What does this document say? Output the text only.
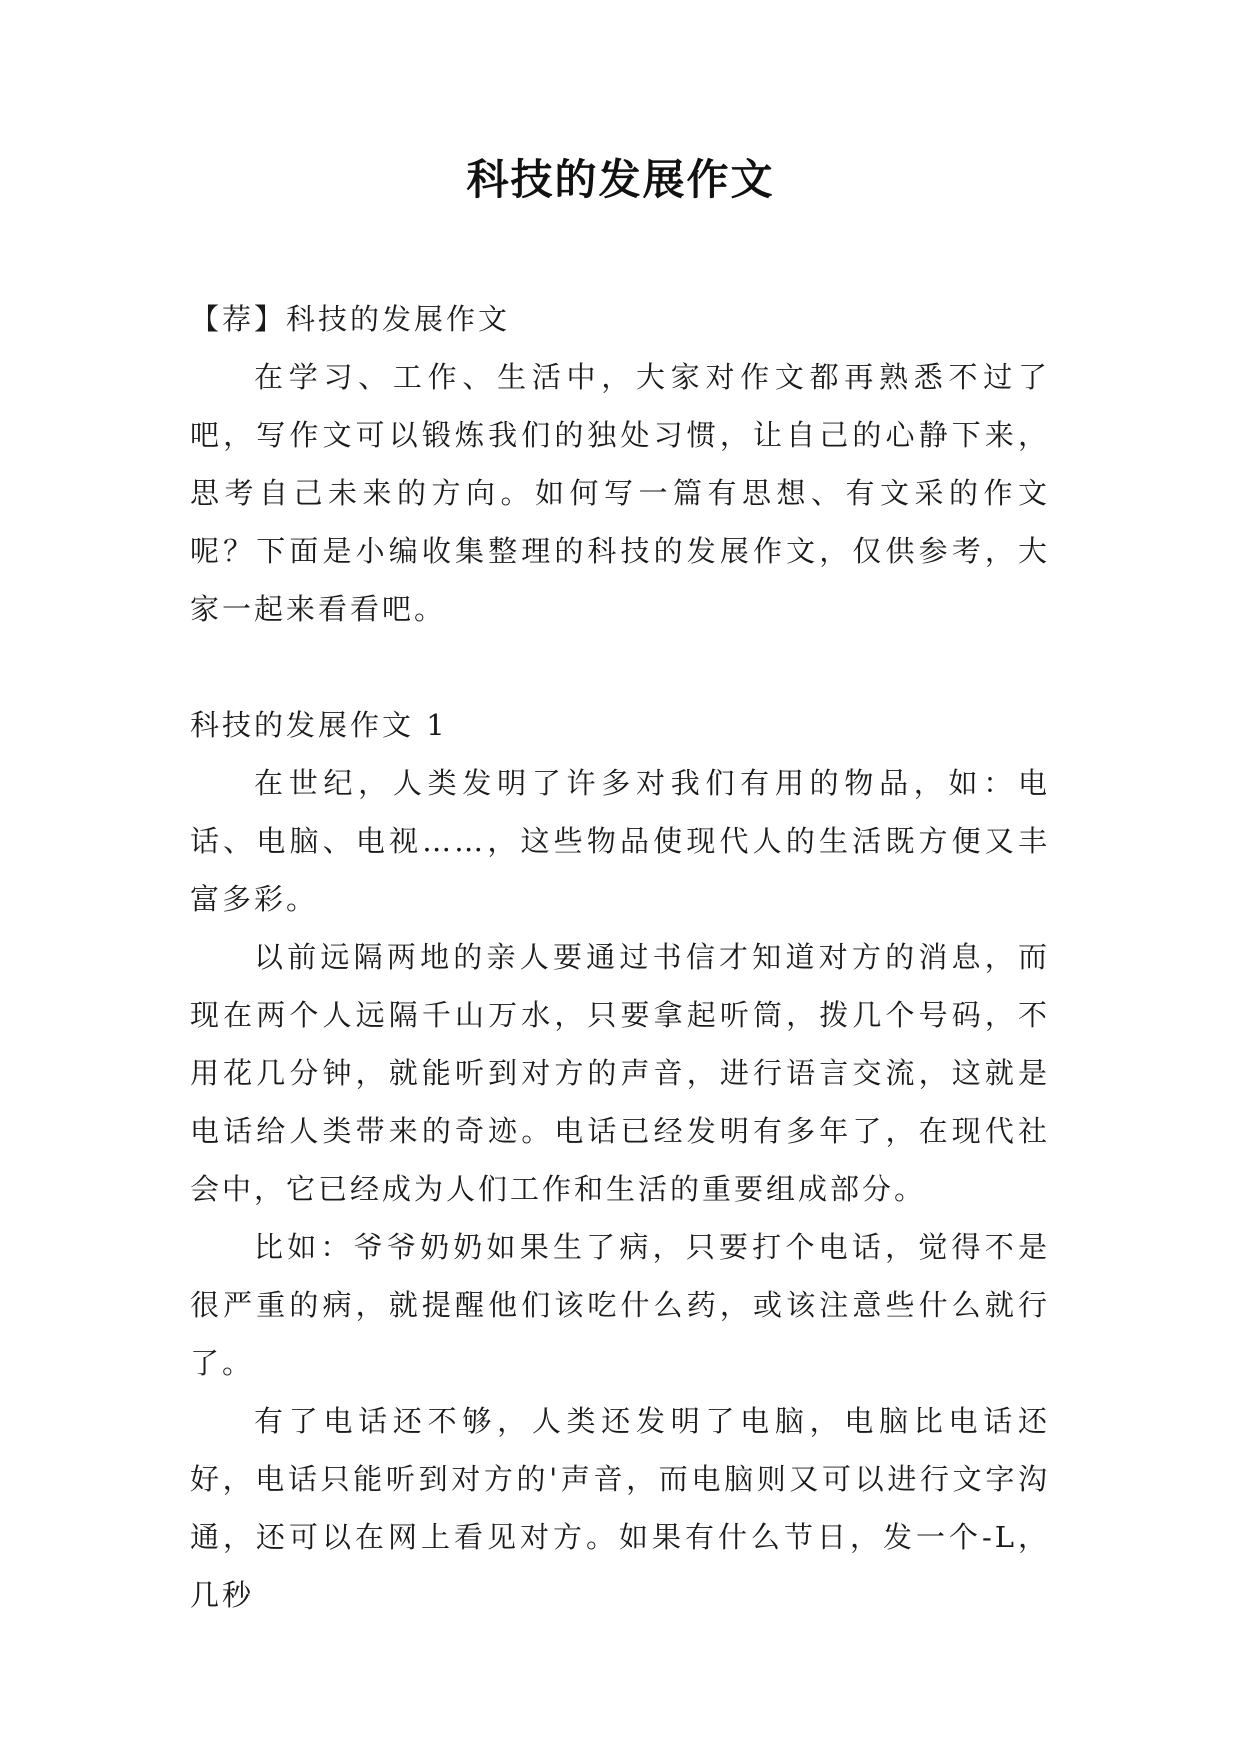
科技的发展作文

【荐】科技的发展作文

在学习、工作、生活中，大家对作文都再熟悉不过了吧，写作文可以锻炼我们的独处习惯，让自己的心静下来，思考自己未来的方向。如何写一篇有思想、有文采的作文呢？下面是小编收集整理的科技的发展作文，仅供参考，大家一起来看看吧。

科技的发展作文 1

在世纪，人类发明了许多对我们有用的物品，如：电话、电脑、电视……，这些物品使现代人的生活既方便又丰富多彩。

以前远隔两地的亲人要通过书信才知道对方的消息，而现在两个人远隔千山万水，只要拿起听筒，拨几个号码，不用花几分钟，就能听到对方的声音，进行语言交流，这就是电话给人类带来的奇迹。电话已经发明有多年了，在现代社会中，它已经成为人们工作和生活的重要组成部分。

比如：爷爷奶奶如果生了病，只要打个电话，觉得不是很严重的病，就提醒他们该吃什么药，或该注意些什么就行了。

有了电话还不够，人类还发明了电脑，电脑比电话还好，电话只能听到对方的'声音，而电脑则又可以进行文字沟通，还可以在网上看见对方。如果有什么节日，发一个-L，几秒
